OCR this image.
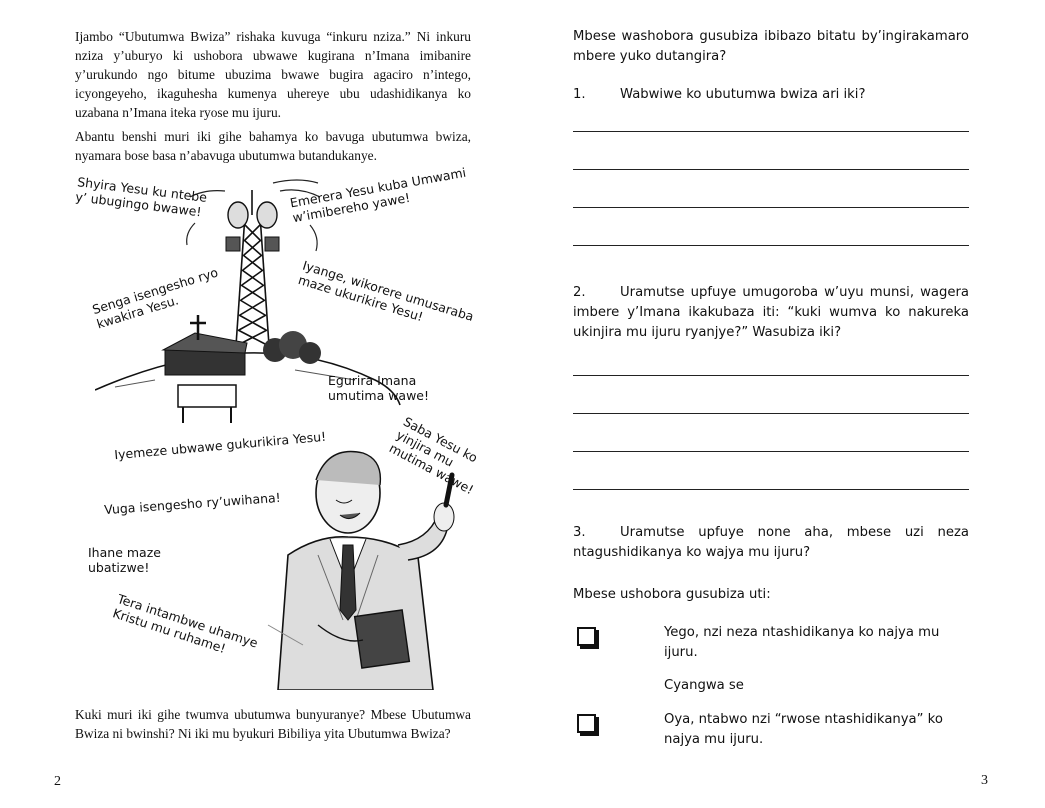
Ijambo “Ubutumwa Bwiza” rishaka kuvuga “inkuru nziza.” Ni inkuru nziza y’uburyo ki ushobora ubwawe kugirana n’Imana imibanire y’urukundo ngo bitume ubuzima bwawe bugira agaciro n’intego, icyongeyeho, ikaguhesha kumenya uhereye ubu udashidikanya ko uzabana n’Imana iteka ryose mu ijuru.

Abantu benshi muri iki gihe bahamya ko bavuga ubutumwa bwiza, nyamara bose basa n’abavuga ubutumwa butandukanye.

Shyira Yesu ku ntebe
y’ ubugingo bwawe!	Emerera Yesu kuba Umwami
w’imibereho yawe!
Senga isengesho ryo
kwakira Yesu.	Iyange, wikorere umusaraba
maze ukurikire Yesu!
Egurira Imana
umutima wawe!
Iyemeze ubwawe gukurikira Yesu!	Saba Yesu ko
yinjira mu
mutima wawe!
Vuga isengesho ry’uwihana!
Ihane maze
ubatizwe!
Tera intambwe uhamye
Kristu mu ruhame!

Kuki muri iki gihe twumva ubutumwa bunyuranye? Mbese Ubutumwa Bwiza ni bwinshi? Ni iki mu byukuri Bibiliya yita Ubutumwa Bwiza?

2

Mbese washobora gusubiza ibibazo bitatu by’ingirakamaro mbere yuko dutangira?

1.	Wabwiwe ko ubutumwa bwiza ari iki?

2.	Uramutse upfuye umugoroba w’uyu munsi, wagera imbere y’Imana ikakubaza iti: “kuki wumva ko nakureka ukinjira mu ijuru ryanjye?” Wasubiza iki?

3.	Uramutse upfuye none aha, mbese uzi neza ntagushidikanya ko wajya mu ijuru?

Mbese ushobora gusubiza uti:

Yego, nzi neza ntashidikanya ko najya mu ijuru.
Cyangwa se
Oya, ntabwo nzi “rwose ntashidikanya” ko najya mu ijuru.
3
